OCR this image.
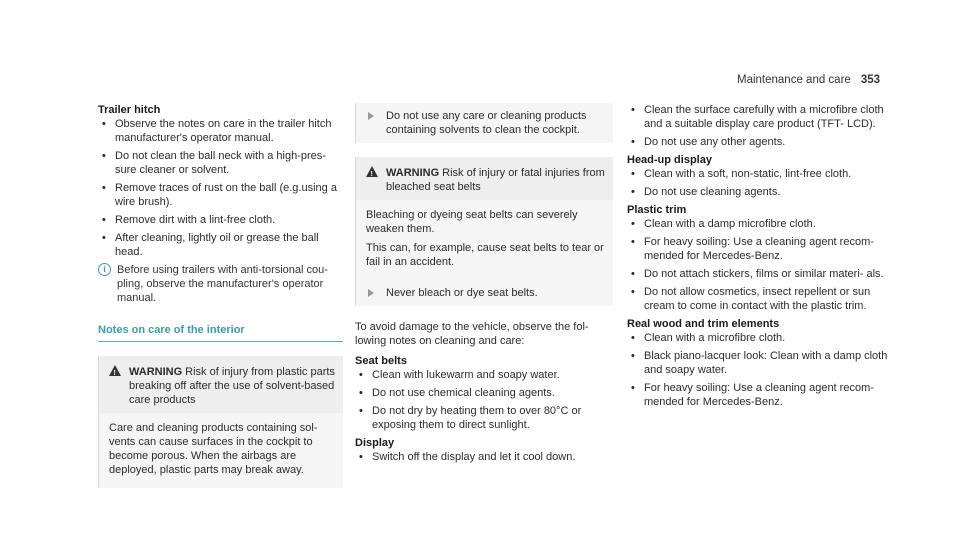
Maintenance and care 353
Trailer hitch
• Observe the notes on care in the trailer hitch manufacturer's operator manual.
• Do not clean the ball neck with a high-pres- sure cleaner or solvent.
• Remove traces of rust on the ball (e.g.using a wire brush).
• Remove dirt with a lint-free cloth.
• After cleaning, lightly oil or grease the ball head.
i	Before using trailers with anti-torsional cou- pling, observe the manufacturer's operator manual.
Notes on care of the interior
!
WARNING Risk of injury from plastic parts breaking off after the use of solvent-based care products

Care and cleaning products containing sol- vents can cause surfaces in the cockpit to become porous. When the airbags are deployed, plastic parts may break away.

Do not use any care or cleaning products containing solvents to clean the cockpit.
!
WARNING Risk of injury or fatal injuries from bleached seat belts

Bleaching or dyeing seat belts can severely weaken them.

This can, for example, cause seat belts to tear or fail in an accident.

Never bleach or dye seat belts.

To avoid damage to the vehicle, observe the fol- lowing notes on cleaning and care:

Seat belts
• Clean with lukewarm and soapy water.
• Do not use chemical cleaning agents.
• Do not dry by heating them to over 80°C or exposing them to direct sunlight.
Display
• Switch off the display and let it cool down.
• Clean the surface carefully with a microfibre cloth and a suitable display care product (TFT- LCD).
• Do not use any other agents.
Head-up display
• Clean with a soft, non-static, lint-free cloth.
• Do not use cleaning agents.
Plastic trim
• Clean with a damp microfibre cloth.
• For heavy soiling: Use a cleaning agent recom- mended for Mercedes-Benz.
• Do not attach stickers, films or similar materi- als.
• Do not allow cosmetics, insect repellent or sun cream to come in contact with the plastic trim.
Real wood and trim elements
• Clean with a microfibre cloth.
• Black piano-lacquer look: Clean with a damp cloth and soapy water.
• For heavy soiling: Use a cleaning agent recom- mended for Mercedes-Benz.
